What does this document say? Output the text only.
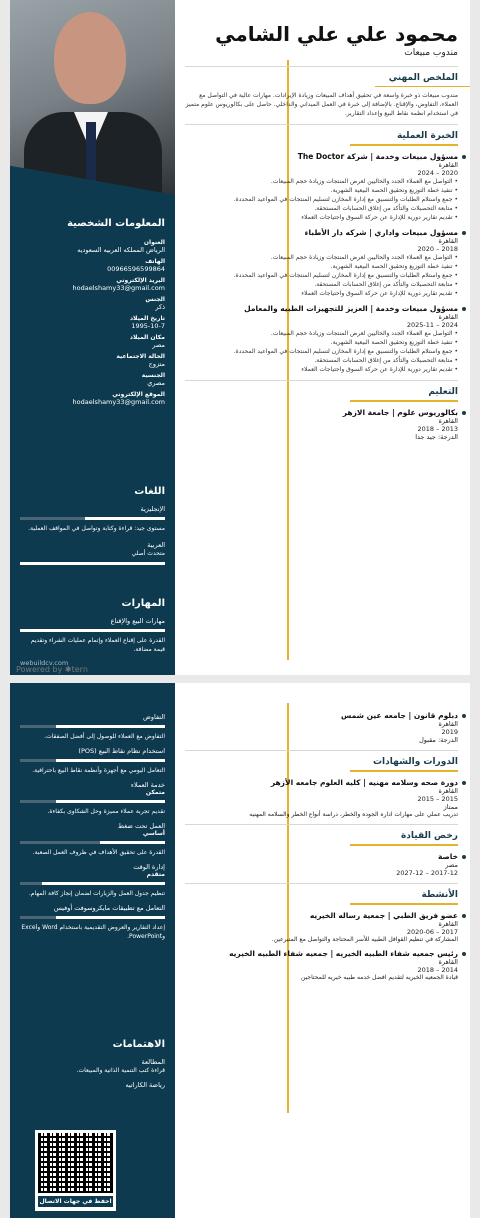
المعلومات الشخصية
العنوان
الرياض المملكه العربيه السعوديه
الهاتف
00966596599864
البريد الإلكتروني
hodaelshamy33@gmail.com
الجنس
ذكر
تاريخ الميلاد
1995-10-7
مكان الميلاد
مصر
الحالة الاجتماعية
متزوج
الجنسية
مصري
الموقع الإلكتروني
hodaelshamy33@gmail.com
اللغات
الإنجليزية
مستوى جيد: قراءة وكتابة وتواصل في المواقف العملية.
العربية
متحدث أصلي
المهارات
مهارات البيع والإقناع
القدرة على إقناع العملاء وإتمام عمليات الشراء وتقديم قيمة مضافة.
webuildcv.com
محمود علي علي الشامي
مندوب مبيعات
الملخص المهني
مندوب مبيعات ذو خبرة واسعة في تحقيق أهداف المبيعات وزيادة الإيرادات. مهارات عالية في التواصل مع العملاء، التفاوض، والإقناع. بالإضافة إلى خبرة في العمل الميداني والداخلي. حاصل على بكالوريوس علوم متميز في استخدام انظمة نقاط البيع وإعداد التقارير.
الخبرة العملية
مسؤول مبيعات وخدمة | شركة The Doctor
القاهرة
2020 – 2024
• التواصل مع العملاء الجدد والحاليين لعرض المنتجات وزيادة حجم المبيعات.
• تنفيذ خطة التوزيع وتحقيق الحصة البيعية الشهرية.
• جمع واستلام الطلبات والتنسيق مع إدارة المخازن لتسليم المنتجات في المواعيد المحددة.
• متابعة التحصيلات والتأكد من إغلاق الحسابات المستحقة.
• تقديم تقارير دورية للإدارة عن حركة السوق واحتياجات العملاء
مسؤول مبيعات واداري | شركه دار الأطباء
القاهرة
2018 – 2020
• التواصل مع العملاء الجدد والحاليين لعرض المنتجات وزيادة حجم المبيعات.
• تنفيذ خطة التوزيع وتحقيق الحصة البيعية الشهرية.
• جمع واستلام الطلبات والتنسيق مع إدارة المخازن لتسليم المنتجات في المواعيد المحددة.
• متابعة التحصيلات والتأكد من إغلاق الحسابات المستحقة.
• تقديم تقارير دورية للإدارة عن حركة السوق واحتياجات العملاء
مسؤول مبيعات وخدمة | العزيز للتجهيزات الطبيه والمعامل
القاهرة
2024 – 2025-11
• التواصل مع العملاء الجدد والحاليين لعرض المنتجات وزيادة حجم المبيعات.
• تنفيذ خطة التوزيع وتحقيق الحصة البيعية الشهرية.
• جمع واستلام الطلبات والتنسيق مع إدارة المخازن لتسليم المنتجات في المواعيد المحددة.
• متابعة التحصيلات والتأكد من إغلاق الحسابات المستحقة.
• تقديم تقارير دورية للإدارة عن حركة السوق واحتياجات العملاء
التعليم
بكالوريوس علوم | جامعة الازهر
القاهرة
2013 – 2018
الدرجة: جيد جدا
Powered by ✱tern
التفاوض
التفاوض مع العملاء للوصول إلى أفضل الصفقات.
استخدام نظام نقاط البيع (POS)
التعامل اليومي مع أجهزة وأنظمة نقاط البيع باحترافية.
خدمة العملاء
متمكن
تقديم تجربة عملاء مميزة وحل الشكاوى بكفاءة.
العمل تحت ضغط
أساسي
القدرة على تحقيق الأهداف في ظروف العمل الصعبة.
إدارة الوقت
متقدم
تنظيم جدول العمل والزيارات لضمان إنجاز كافة المهام.
التعامل مع تطبيقات مايكروسوفت أوفيس
إعداد التقارير والعروض التقديمية باستخدام Word وExcel وPowerPoint.
الاهتمامات
المطالعة
قراءة كتب التنمية الذاتية والمبيعات.
رياضة الكاراتيه
احفظ في جهات الاتصال
دبلوم قانون | جامعه عين شمس
القاهرة
2019
الدرجة: مقبول
الدورات والشهادات
دورة صحه وسلامه مهنيه | كليه العلوم جامعه الأزهر
القاهرة
2015 – 2015
ممتاز
تدريب عملي على مهارات اداره الجوده والخطر، دراسة أنواع الخطر والسلامه المهنيه
رخص القيادة
خاصة
مصر
2017-12 – 2027-12
الأنشطة
عضو فريق الطبي | جمعية رساله الخيريه
القاهرة
2017 – 2020-06
المشاركة في تنظيم القوافل الطبيه للأسر المحتاجة والتواصل مع المتبرعين.
رئيس جمعيه شفاء الطبيه الخيريه | جمعيه شفاء الطبيه الخيريه
القاهرة
2014 – 2018
قيادة الجمعيه الخيريه لتقديم افضل خدمه طبيه خيريه للمحتاجين
